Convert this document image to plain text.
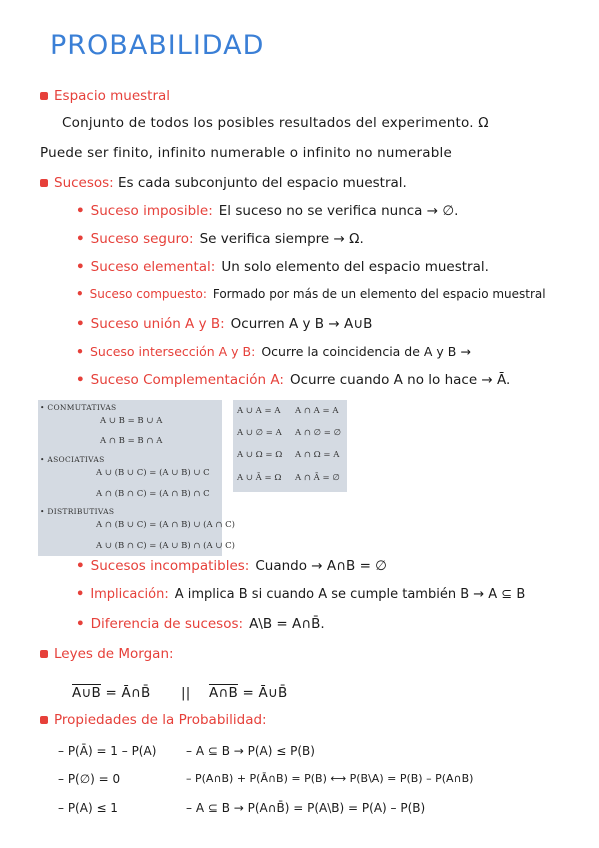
PROBABILIDAD
Espacio muestral
Conjunto de todos los posibles resultados del experimento. Ω
Puede ser finito, infinito numerable o infinito no numerable
Sucesos: Es cada subconjunto del espacio muestral.
• Suceso imposible: El suceso no se verifica nunca → ∅.
• Suceso seguro: Se verifica siempre → Ω.
• Suceso elemental: Un solo elemento del espacio muestral.
• Suceso compuesto: Formado por más de un elemento del espacio muestral
• Suceso unión A y B: Ocurren A y B → A∪B
• Suceso intersección A y B: Ocurre la coincidencia de A y B →
• Suceso Complementación A: Ocurre cuando A no lo hace → Ā.
• CONMUTATIVAS
A ∪ B = B ∪ A
A ∩ B = B ∩ A
• ASOCIATIVAS
A ∪ (B ∪ C) = (A ∪ B) ∪ C
A ∩ (B ∩ C) = (A ∩ B) ∩ C
• DISTRIBUTIVAS
A ∩ (B ∪ C) = (A ∩ B) ∪ (A ∩ C)
A ∪ (B ∩ C) = (A ∪ B) ∩ (A ∪ C)
A ∪ A = A A ∩ A = A
A ∪ ∅ = A A ∩ ∅ = ∅
A ∪ Ω = Ω A ∩ Ω = A
A ∪ Ā = Ω A ∩ Ā = ∅
• Sucesos incompatibles: Cuando → A∩B = ∅
• Implicación: A implica B si cuando A se cumple también B → A ⊆ B
• Diferencia de sucesos: A\B = A∩B̄.
Leyes de Morgan:
A∪B = Ā∩B̄ || A∩B = Ā∪B̄
Propiedades de la Probabilidad:
– P(Ā) = 1 – P(A)
– P(∅) = 0
– P(A) ≤ 1
– A ⊆ B → P(A) ≤ P(B)
– P(A∩B) + P(Ā∩B) = P(B) ⟷ P(B\A) = P(B) – P(A∩B)
– A ⊆ B → P(A∩B̄) = P(A\B) = P(A) – P(B)
